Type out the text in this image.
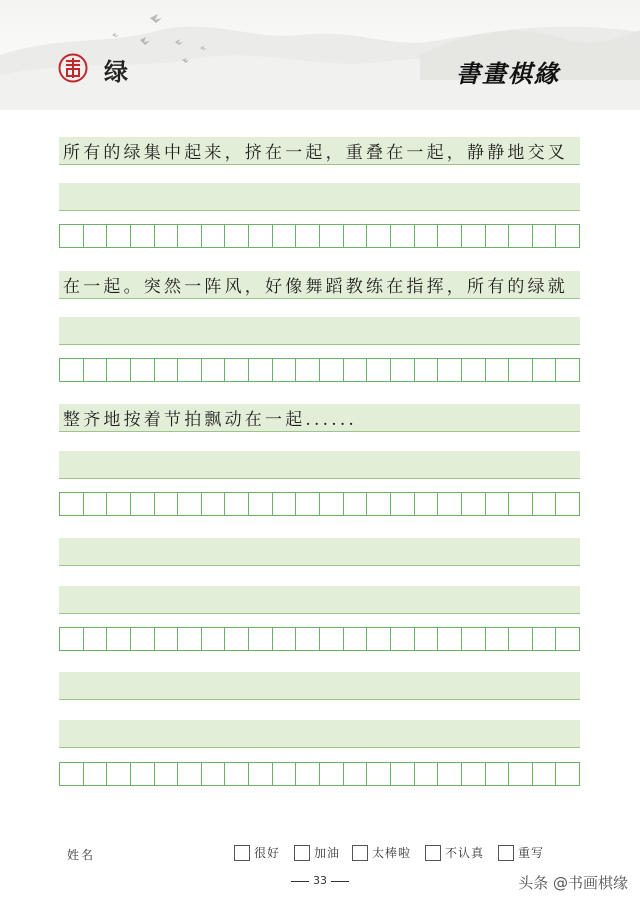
绿	書畫棋緣
所有的绿集中起来，挤在一起，重叠在一起，静静地交叉
在一起。突然一阵风，好像舞蹈教练在指挥，所有的绿就
整齐地按着节拍飘动在一起......
姓名	很好	加油	太棒啦	不认真	重写
33	头条 @书画棋缘
